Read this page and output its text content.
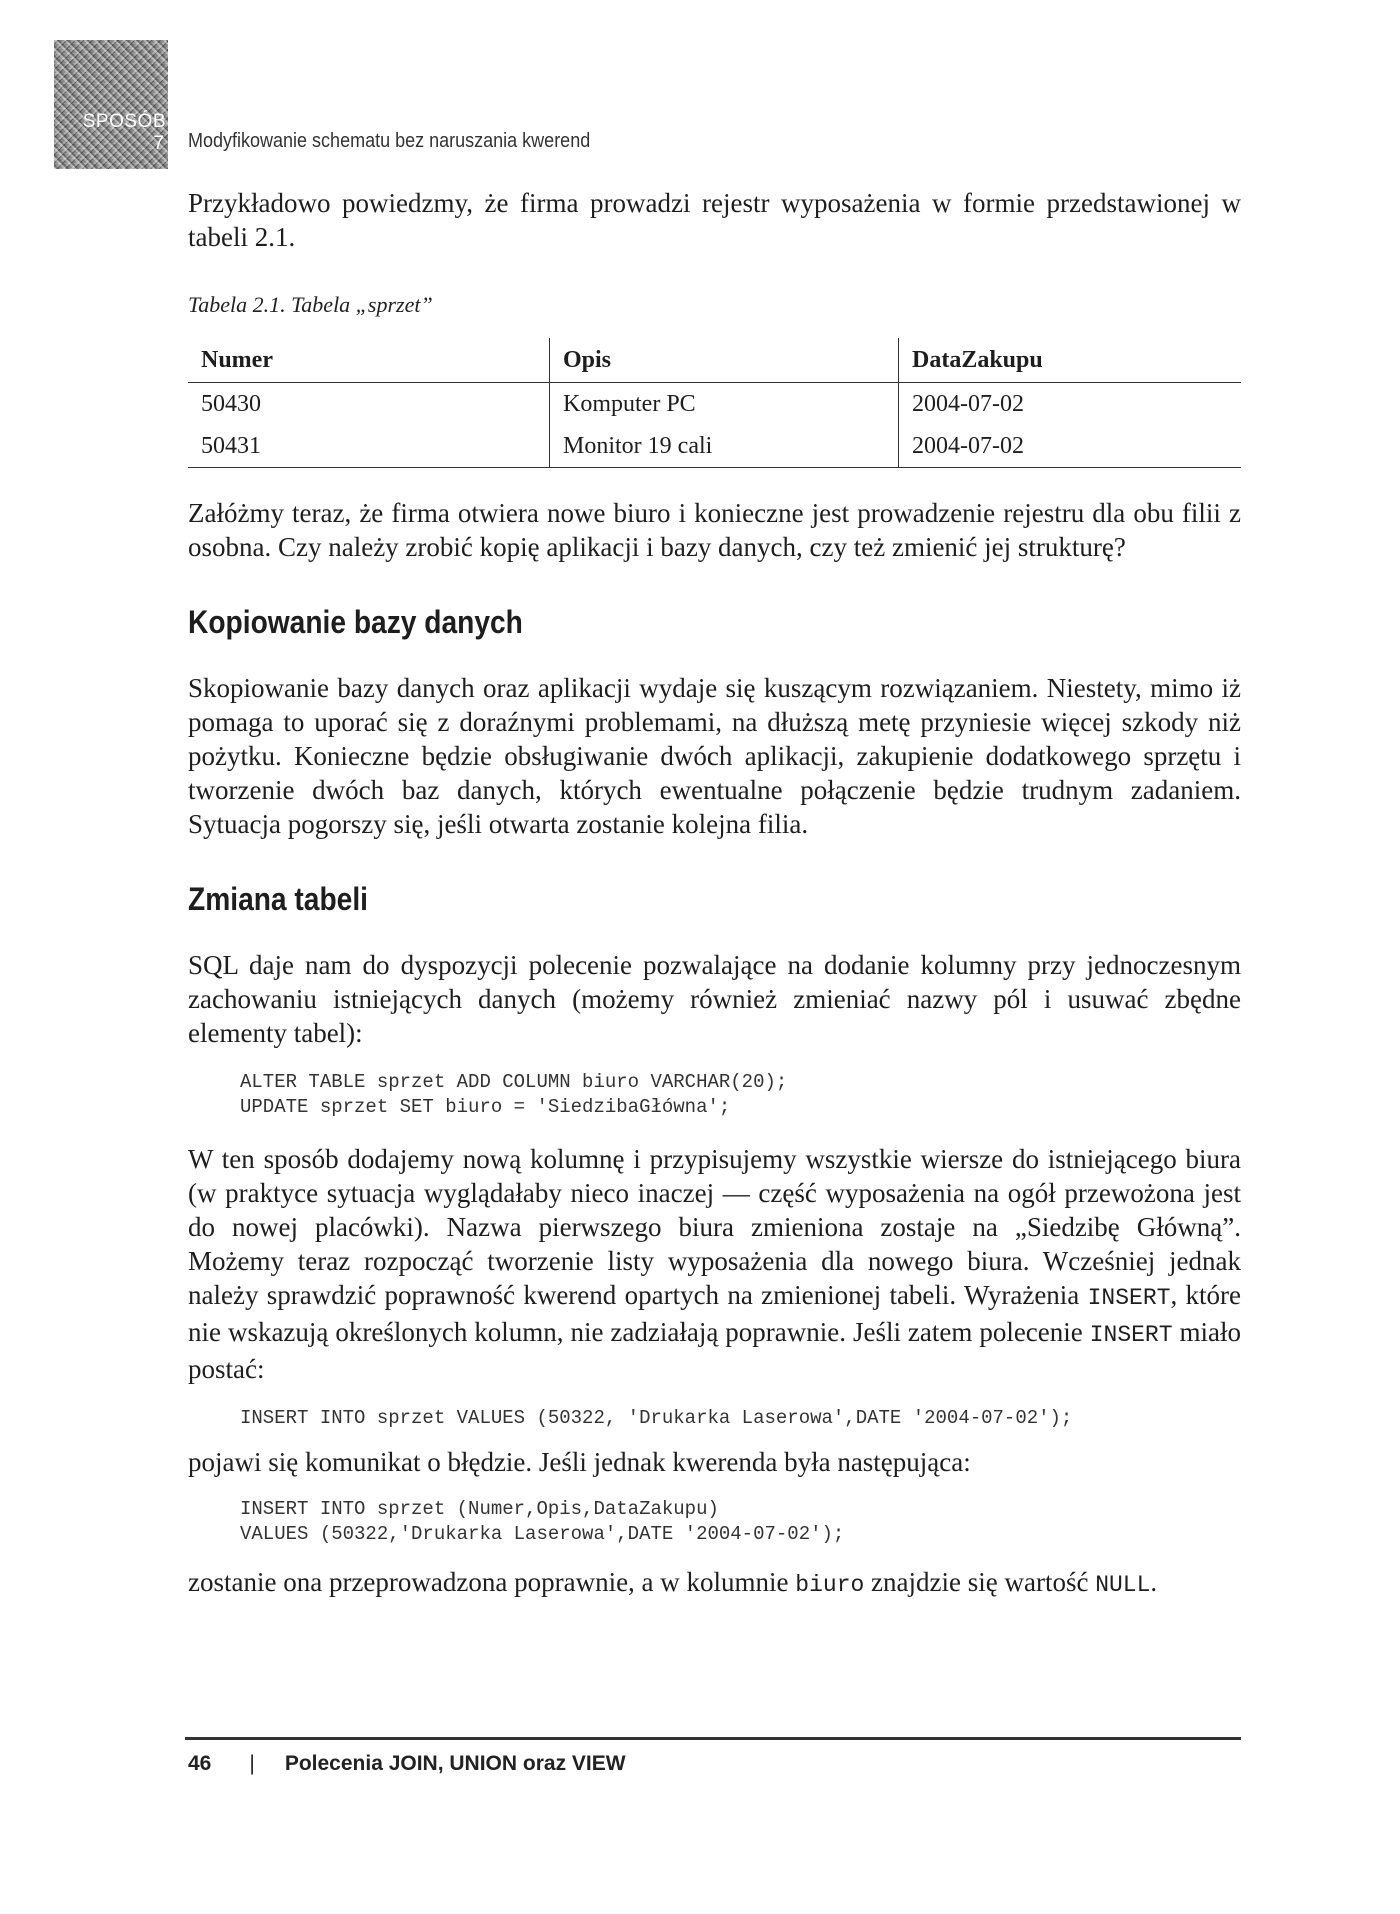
SPOSÓB
7 Modyfikowanie schematu bez naruszania kwerend

Przykładowo powiedzmy, że firma prowadzi rejestr wyposażenia w formie przedstawionej w tabeli 2.1.

Tabela 2.1. Tabela „sprzet”

Numer	Opis	DataZakupu
50430	Komputer PC	2004-07-02
50431	Monitor 19 cali	2004-07-02

Załóżmy teraz, że firma otwiera nowe biuro i konieczne jest prowadzenie rejestru dla obu filii z osobna. Czy należy zrobić kopię aplikacji i bazy danych, czy też zmienić jej strukturę?

Kopiowanie bazy danych

Skopiowanie bazy danych oraz aplikacji wydaje się kuszącym rozwiązaniem. Niestety, mimo iż pomaga to uporać się z doraźnymi problemami, na dłuższą metę przyniesie więcej szkody niż pożytku. Konieczne będzie obsługiwanie dwóch aplikacji, zakupienie dodatkowego sprzętu i tworzenie dwóch baz danych, których ewentualne połączenie będzie trudnym zadaniem. Sytuacja pogorszy się, jeśli otwarta zostanie kolejna filia.

Zmiana tabeli

SQL daje nam do dyspozycji polecenie pozwalające na dodanie kolumny przy jednoczesnym zachowaniu istniejących danych (możemy również zmieniać nazwy pól i usuwać zbędne elementy tabel):

ALTER TABLE sprzet ADD COLUMN biuro VARCHAR(20);
UPDATE sprzet SET biuro = 'SiedzibaGłówna';

W ten sposób dodajemy nową kolumnę i przypisujemy wszystkie wiersze do istniejącego biura (w praktyce sytuacja wyglądałaby nieco inaczej — część wyposażenia na ogół przewożona jest do nowej placówki). Nazwa pierwszego biura zmieniona zostaje na „Siedzibę Główną”. Możemy teraz rozpocząć tworzenie listy wyposażenia dla nowego biura. Wcześniej jednak należy sprawdzić poprawność kwerend opartych na zmienionej tabeli. Wyrażenia INSERT, które nie wskazują określonych kolumn, nie zadziałają poprawnie. Jeśli zatem polecenie INSERT miało postać:

INSERT INTO sprzet VALUES (50322, 'Drukarka Laserowa',DATE '2004-07-02');

pojawi się komunikat o błędzie. Jeśli jednak kwerenda była następująca:

INSERT INTO sprzet (Numer,Opis,DataZakupu)
VALUES (50322,'Drukarka Laserowa',DATE '2004-07-02');

zostanie ona przeprowadzona poprawnie, a w kolumnie biuro znajdzie się wartość NULL.

46 | Polecenia JOIN, UNION oraz VIEW
